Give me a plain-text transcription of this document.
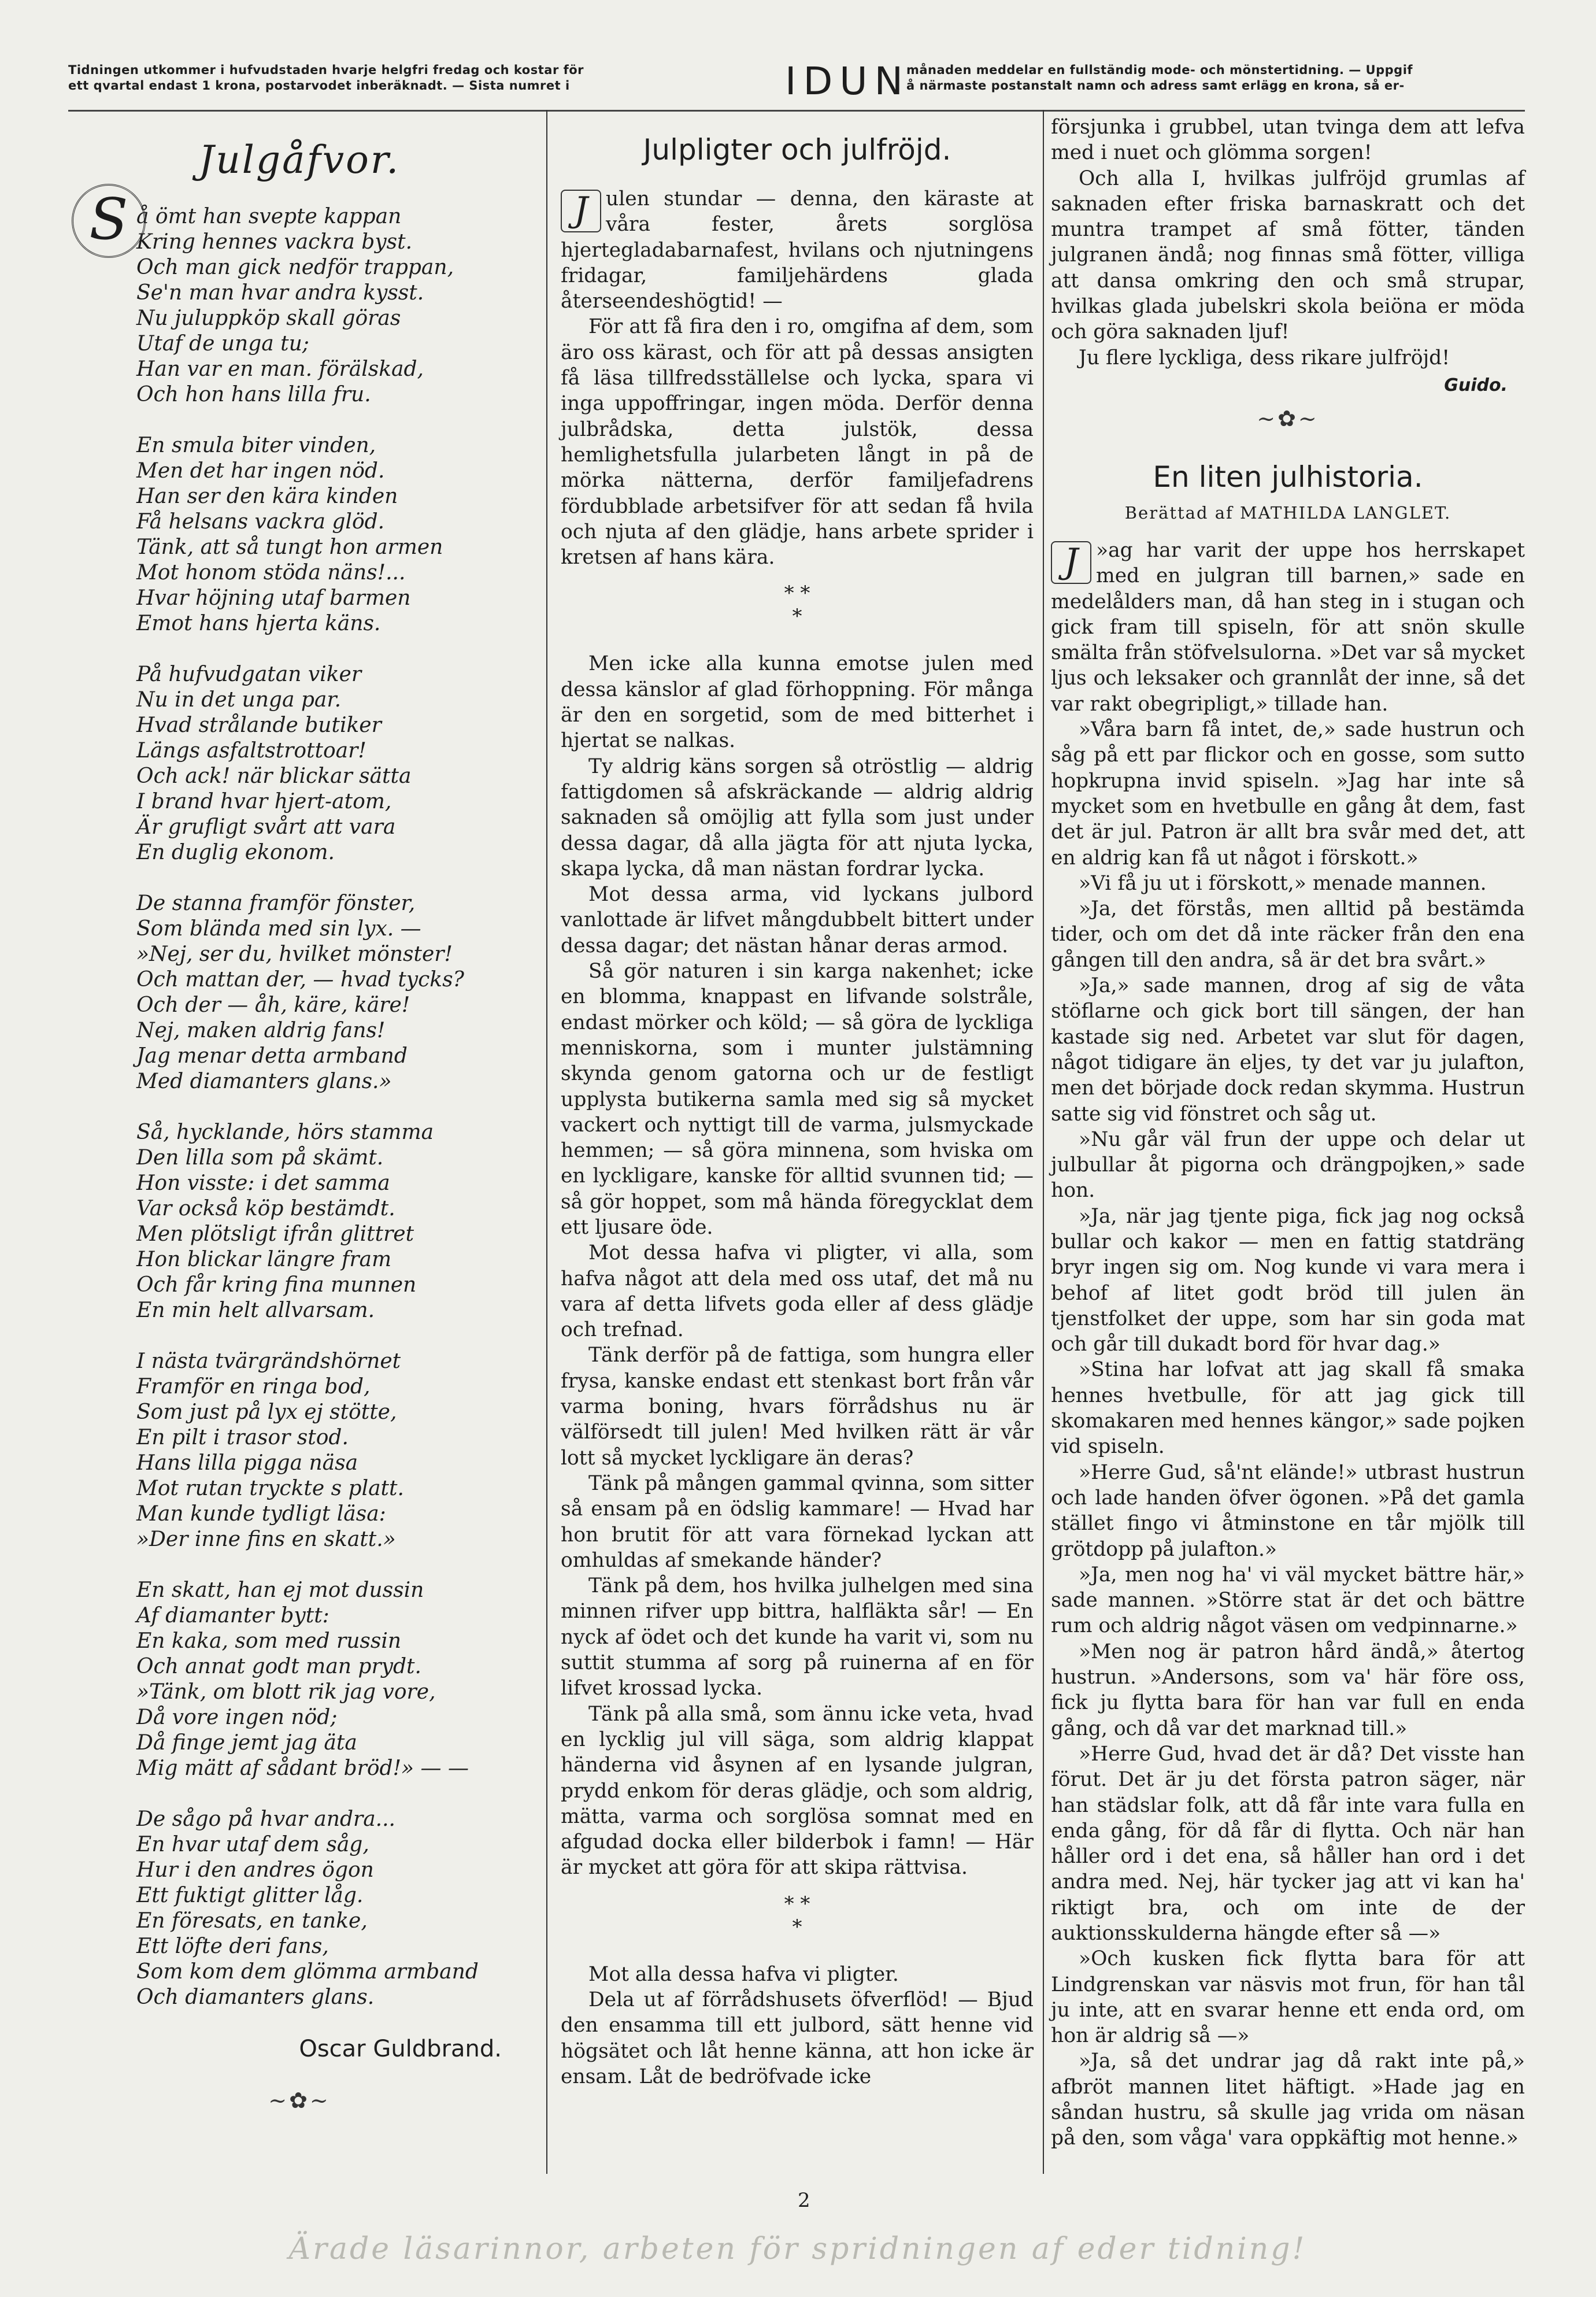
Tidningen utkommer i hufvudstaden hvarje helgfri fredag och kostar för
ett qvartal endast 1 krona, postarvodet inberäknadt. — Sista numret i	IDUN
månaden meddelar en fullständig mode- och mönstertidning. — Uppgif
å närmaste postanstalt namn och adress samt erlägg en krona, så er-
Julgåfvor.
S å ömt han svepte kappan
Kring hennes vackra byst.
Och man gick nedför trappan,
Se'n man hvar andra kysst.
Nu juluppköp skall göras
Utaf de unga tu;
Han var en man. förälskad,
Och hon hans lilla fru.
En smula biter vinden,
Men det har ingen nöd.
Han ser den kära kinden
Få helsans vackra glöd.
Tänk, att så tungt hon armen
Mot honom stöda näns!...
Hvar höjning utaf barmen
Emot hans hjerta käns.
På hufvudgatan viker
Nu in det unga par.
Hvad strålande butiker
Längs asfaltstrottoar!
Och ack! när blickar sätta
I brand hvar hjert-atom,
Är grufligt svårt att vara
En duglig ekonom.
De stanna framför fönster,
Som blända med sin lyx. —
»Nej, ser du, hvilket mönster!
Och mattan der, — hvad tycks?
Och der — åh, käre, käre!
Nej, maken aldrig fans!
Jag menar detta armband
Med diamanters glans.»
Så, hycklande, hörs stamma
Den lilla som på skämt.
Hon visste: i det samma
Var också köp bestämdt.
Men plötsligt ifrån glittret
Hon blickar längre fram
Och får kring fina munnen
En min helt allvarsam.
I nästa tvärgrändshörnet
Framför en ringa bod,
Som just på lyx ej stötte,
En pilt i trasor stod.
Hans lilla pigga näsa
Mot rutan tryckte s platt.
Man kunde tydligt läsa:
»Der inne fins en skatt.»
En skatt, han ej mot dussin
Af diamanter bytt:
En kaka, som med russin
Och annat godt man prydt.
»Tänk, om blott rik jag vore,
Då vore ingen nöd;
Då finge jemt jag äta
Mig mätt af sådant bröd!» — —
De sågo på hvar andra...
En hvar utaf dem såg,
Hur i den andres ögon
Ett fuktigt glitter låg.
En föresats, en tanke,
Ett löfte deri fans,
Som kom dem glömma armband
Och diamanters glans.
Oscar Guldbrand.
~✿~
Julpligter och julfröjd.

J ulen stundar — denna, den käraste at våra fester, årets sorglösa hjertegladabarnafest, hvilans och njutningens fridagar, familjehärdens glada återseendeshögtid! —

För att få fira den i ro, omgifna af dem, som äro oss kärast, och för att på dessas ansigten få läsa tillfredsställelse och lycka, spara vi inga uppoffringar, ingen möda. Derför denna julbrådska, detta julstök, dessa hemlighetsfulla jularbeten långt in på de mörka nätterna, derför familjefadrens fördubblade arbetsifver för att sedan få hvila och njuta af den glädje, hans arbete sprider i kretsen af hans kära.

* *
*

Men icke alla kunna emotse julen med dessa känslor af glad förhoppning. För många är den en sorgetid, som de med bitterhet i hjertat se nalkas.

Ty aldrig käns sorgen så otröstlig — aldrig fattigdomen så afskräckande — aldrig aldrig saknaden så omöjlig att fylla som just under dessa dagar, då alla jägta för att njuta lycka, skapa lycka, då man nästan fordrar lycka.

Mot dessa arma, vid lyckans julbord vanlottade är lifvet mångdubbelt bittert under dessa dagar; det nästan hånar deras armod.

Så gör naturen i sin karga nakenhet; icke en blomma, knappast en lifvande solstråle, endast mörker och köld; — så göra de lyckliga menniskorna, som i munter julstämning skynda genom gatorna och ur de festligt upplysta butikerna samla med sig så mycket vackert och nyttigt till de varma, julsmyckade hemmen; — så göra minnena, som hviska om en lyckligare, kanske för alltid svunnen tid; — så gör hoppet, som må hända föregycklat dem ett ljusare öde.

Mot dessa hafva vi pligter, vi alla, som hafva något att dela med oss utaf, det må nu vara af detta lifvets goda eller af dess glädje och trefnad.

Tänk derför på de fattiga, som hungra eller frysa, kanske endast ett stenkast bort från vår varma boning, hvars förrådshus nu är välförsedt till julen! Med hvilken rätt är vår lott så mycket lyckligare än deras?

Tänk på mången gammal qvinna, som sitter så ensam på en ödslig kammare! — Hvad har hon brutit för att vara förnekad lyckan att omhuldas af smekande händer?

Tänk på dem, hos hvilka julhelgen med sina minnen rifver upp bittra, halfläkta sår! — En nyck af ödet och det kunde ha varit vi, som nu suttit stumma af sorg på ruinerna af en för lifvet krossad lycka.

Tänk på alla små, som ännu icke veta, hvad en lycklig jul vill säga, som aldrig klappat händerna vid åsynen af en lysande julgran, prydd enkom för deras glädje, och som aldrig, mätta, varma och sorglösa somnat med en afgudad docka eller bilderbok i famn! — Här är mycket att göra för att skipa rättvisa.

* *
*

Mot alla dessa hafva vi pligter.

Dela ut af förrådshusets öfverflöd! — Bjud den ensamma till ett julbord, sätt henne vid högsätet och låt henne känna, att hon icke är ensam. Låt de bedröfvade icke

försjunka i grubbel, utan tvinga dem att lefva med i nuet och glömma sorgen!

Och alla I, hvilkas julfröjd grumlas af saknaden efter friska barnaskratt och det muntra trampet af små fötter, tänden julgranen ändå; nog finnas små fötter, villiga att dansa omkring den och små strupar, hvilkas glada jubelskri skola beiöna er möda och göra saknaden ljuf!

Ju flere lyckliga, dess rikare julfröjd!

Guido.
~✿~
En liten julhistoria.
Berättad af MATHILDA LANGLET.

J »ag har varit der uppe hos herrskapet med en julgran till barnen,» sade en medelålders man, då han steg in i stugan och gick fram till spiseln, för att snön skulle smälta från stöfvelsulorna. »Det var så mycket ljus och leksaker och grannlåt der inne, så det var rakt obegripligt,» tillade han.

»Våra barn få intet, de,» sade hustrun och såg på ett par flickor och en gosse, som sutto hopkrupna invid spiseln. »Jag har inte så mycket som en hvetbulle en gång åt dem, fast det är jul. Patron är allt bra svår med det, att en aldrig kan få ut något i förskott.»

»Vi få ju ut i förskott,» menade mannen.

»Ja, det förstås, men alltid på bestämda tider, och om det då inte räcker från den ena gången till den andra, så är det bra svårt.»

»Ja,» sade mannen, drog af sig de våta stöflarne och gick bort till sängen, der han kastade sig ned. Arbetet var slut för dagen, något tidigare än eljes, ty det var ju julafton, men det började dock redan skymma. Hustrun satte sig vid fönstret och såg ut.

»Nu går väl frun der uppe och delar ut julbullar åt pigorna och drängpojken,» sade hon.

»Ja, när jag tjente piga, fick jag nog också bullar och kakor — men en fattig statdräng bryr ingen sig om. Nog kunde vi vara mera i behof af litet godt bröd till julen än tjenstfolket der uppe, som har sin goda mat och går till dukadt bord för hvar dag.»

»Stina har lofvat att jag skall få smaka hennes hvetbulle, för att jag gick till skomakaren med hennes kängor,» sade pojken vid spiseln.

»Herre Gud, så'nt elände!» utbrast hustrun och lade handen öfver ögonen. »På det gamla stället fingo vi åtminstone en tår mjölk till grötdopp på julafton.»

»Ja, men nog ha' vi väl mycket bättre här,» sade mannen. »Större stat är det och bättre rum och aldrig något väsen om vedpinnarne.»

»Men nog är patron hård ändå,» återtog hustrun. »Andersons, som va' här före oss, fick ju flytta bara för han var full en enda gång, och då var det marknad till.»

»Herre Gud, hvad det är då? Det visste han förut. Det är ju det första patron säger, när han städslar folk, att då får inte vara fulla en enda gång, för då får di flytta. Och när han håller ord i det ena, så håller han ord i det andra med. Nej, här tycker jag att vi kan ha' riktigt bra, och om inte de der auktionsskulderna hängde efter så —»

»Och kusken fick flytta bara för att Lindgrenskan var näsvis mot frun, för han tål ju inte, att en svarar henne ett enda ord, om hon är aldrig så —»

»Ja, så det undrar jag då rakt inte på,» afbröt mannen litet häftigt. »Hade jag en såndan hustru, så skulle jag vrida om näsan på den, som våga' vara oppkäftig mot henne.»

2
Ärade läsarinnor, arbeten för spridningen af eder tidning!
